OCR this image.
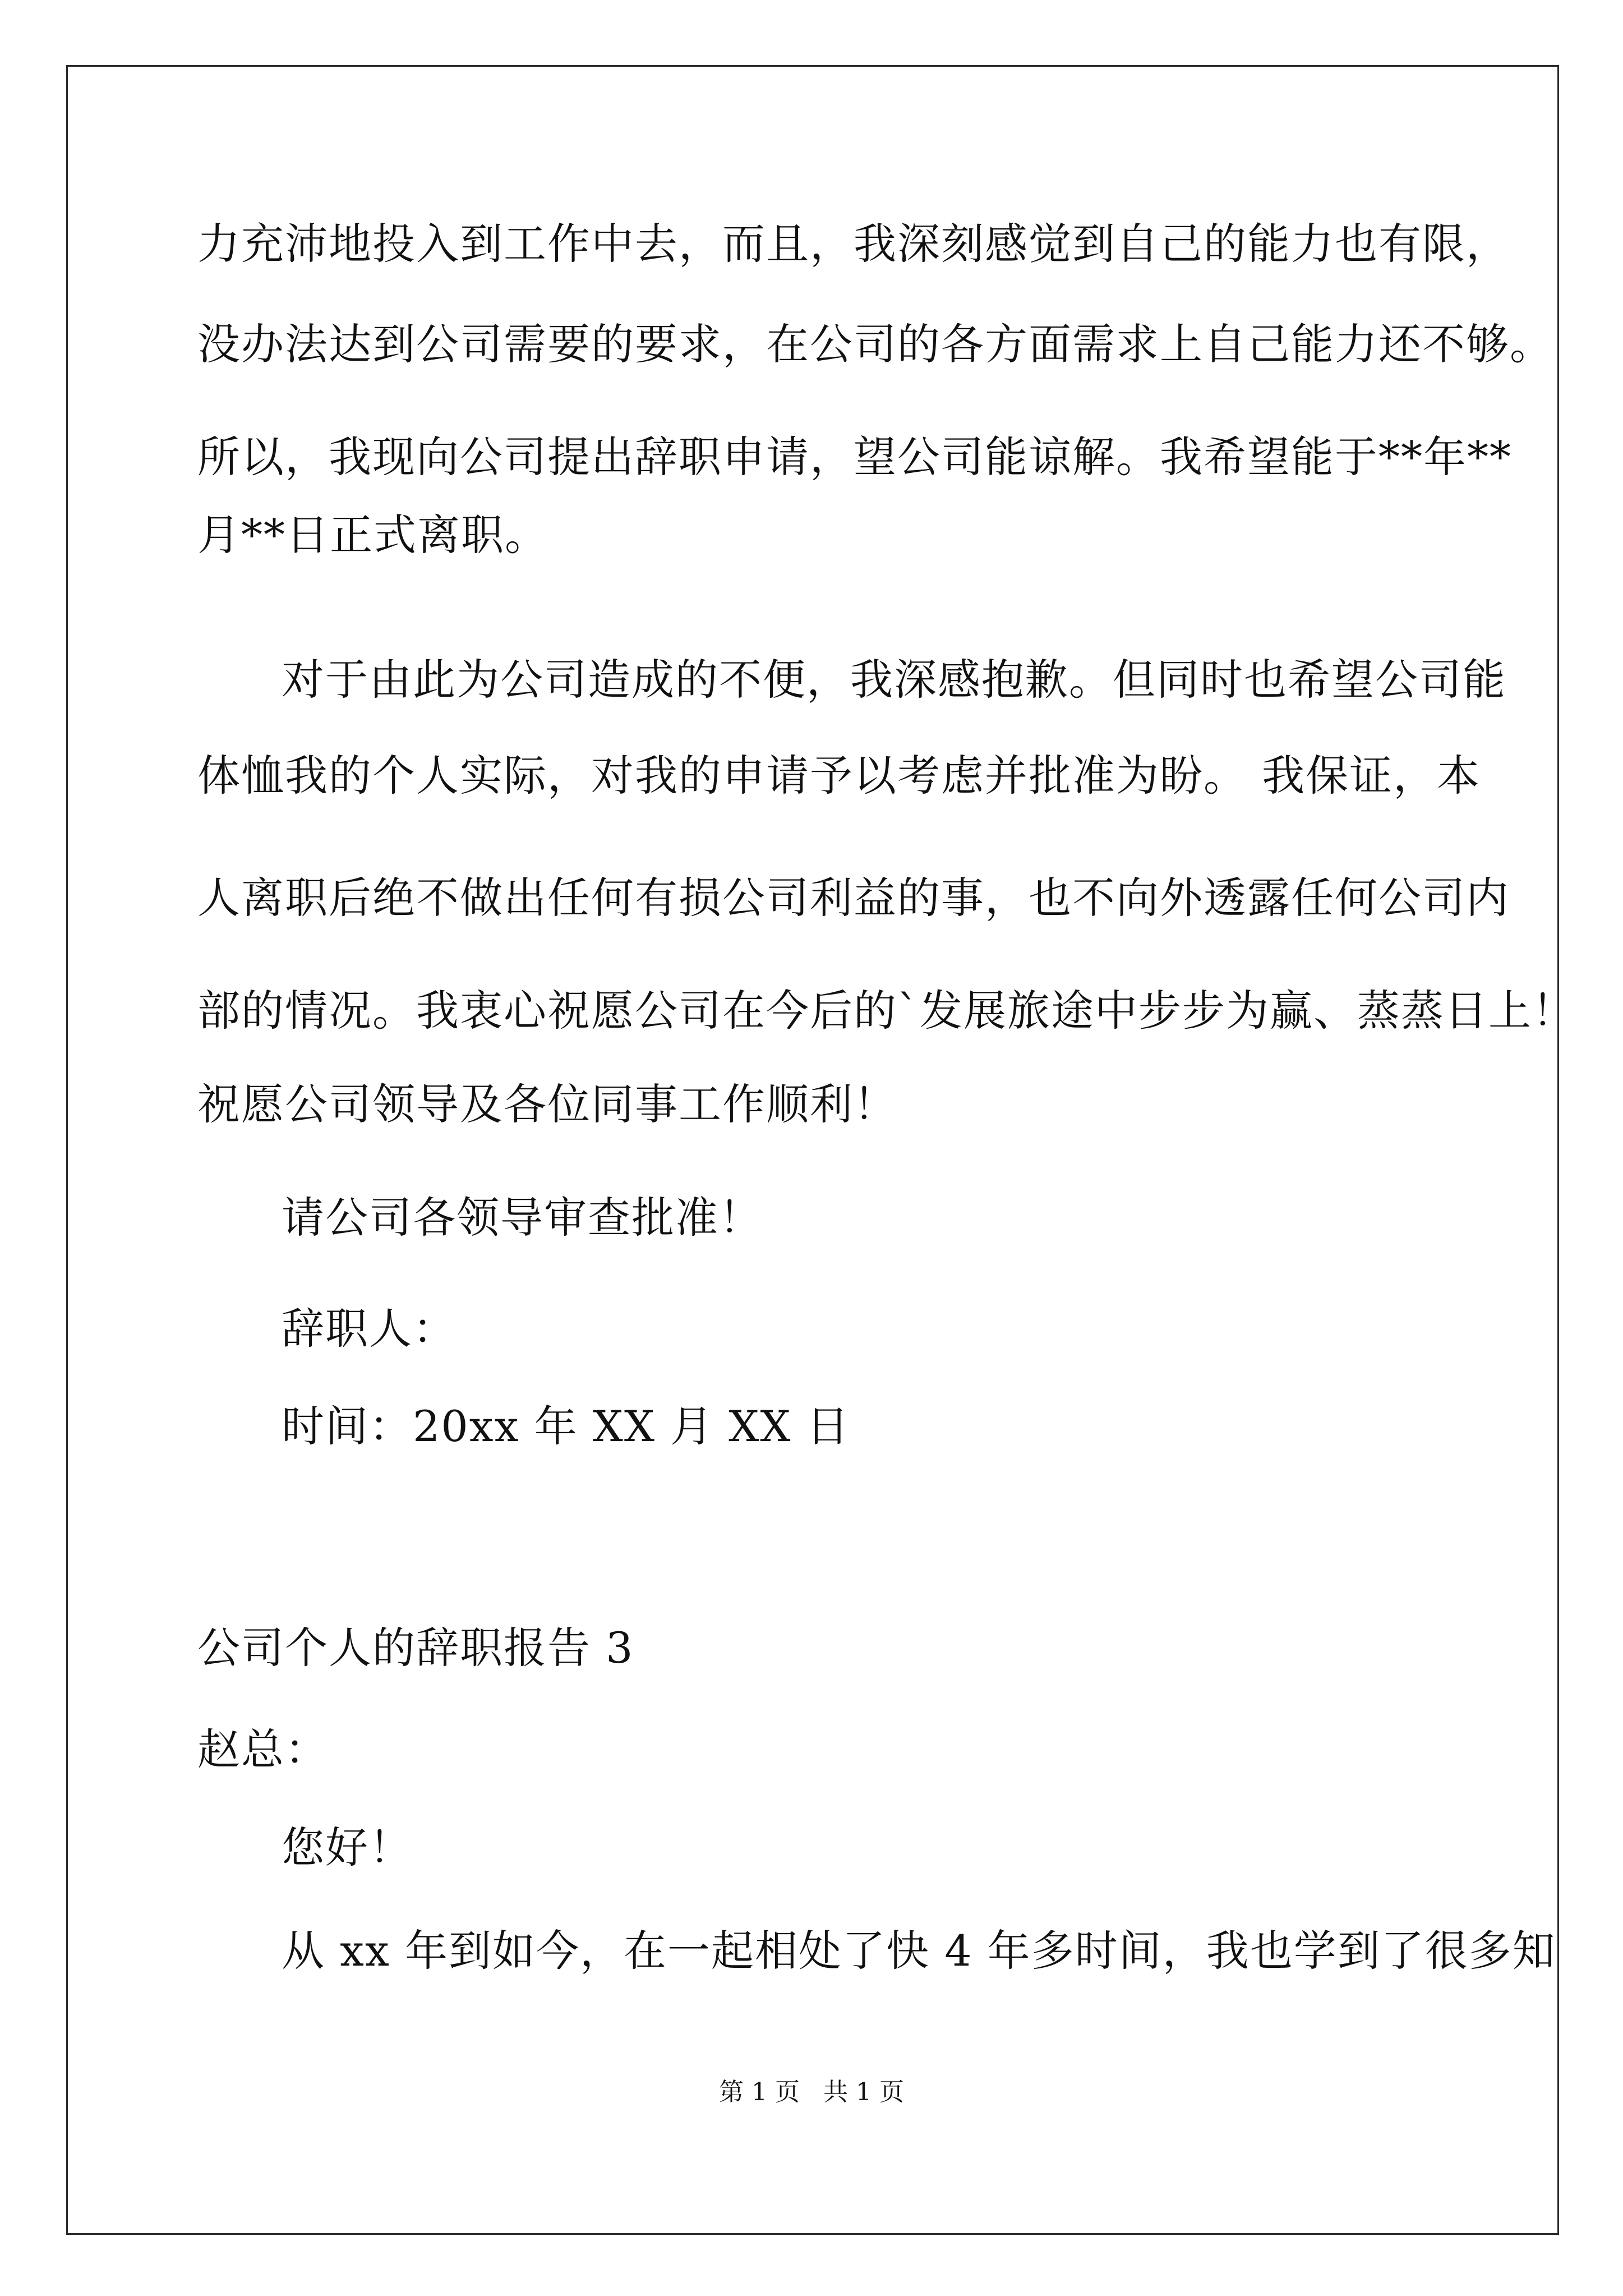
力充沛地投入到工作中去，而且，我深刻感觉到自己的能力也有限，
没办法达到公司需要的要求，在公司的各方面需求上自己能力还不够。
所以，我现向公司提出辞职申请，望公司能谅解。我希望能于**年**
月**日正式离职。
对于由此为公司造成的不便，我深感抱歉。但同时也希望公司能
体恤我的个人实际，对我的申请予以考虑并批准为盼。 我保证，本
人离职后绝不做出任何有损公司利益的事，也不向外透露任何公司内
部的情况。我衷心祝愿公司在今后的`发展旅途中步步为赢、蒸蒸日上！
祝愿公司领导及各位同事工作顺利！
请公司各领导审查批准！
辞职人：
时间：20xx 年 XX 月 XX 日
公司个人的辞职报告 3
赵总：
您好！
从 xx 年到如今，在一起相处了快 4 年多时间，我也学到了很多知
第 1 页   共 1 页
